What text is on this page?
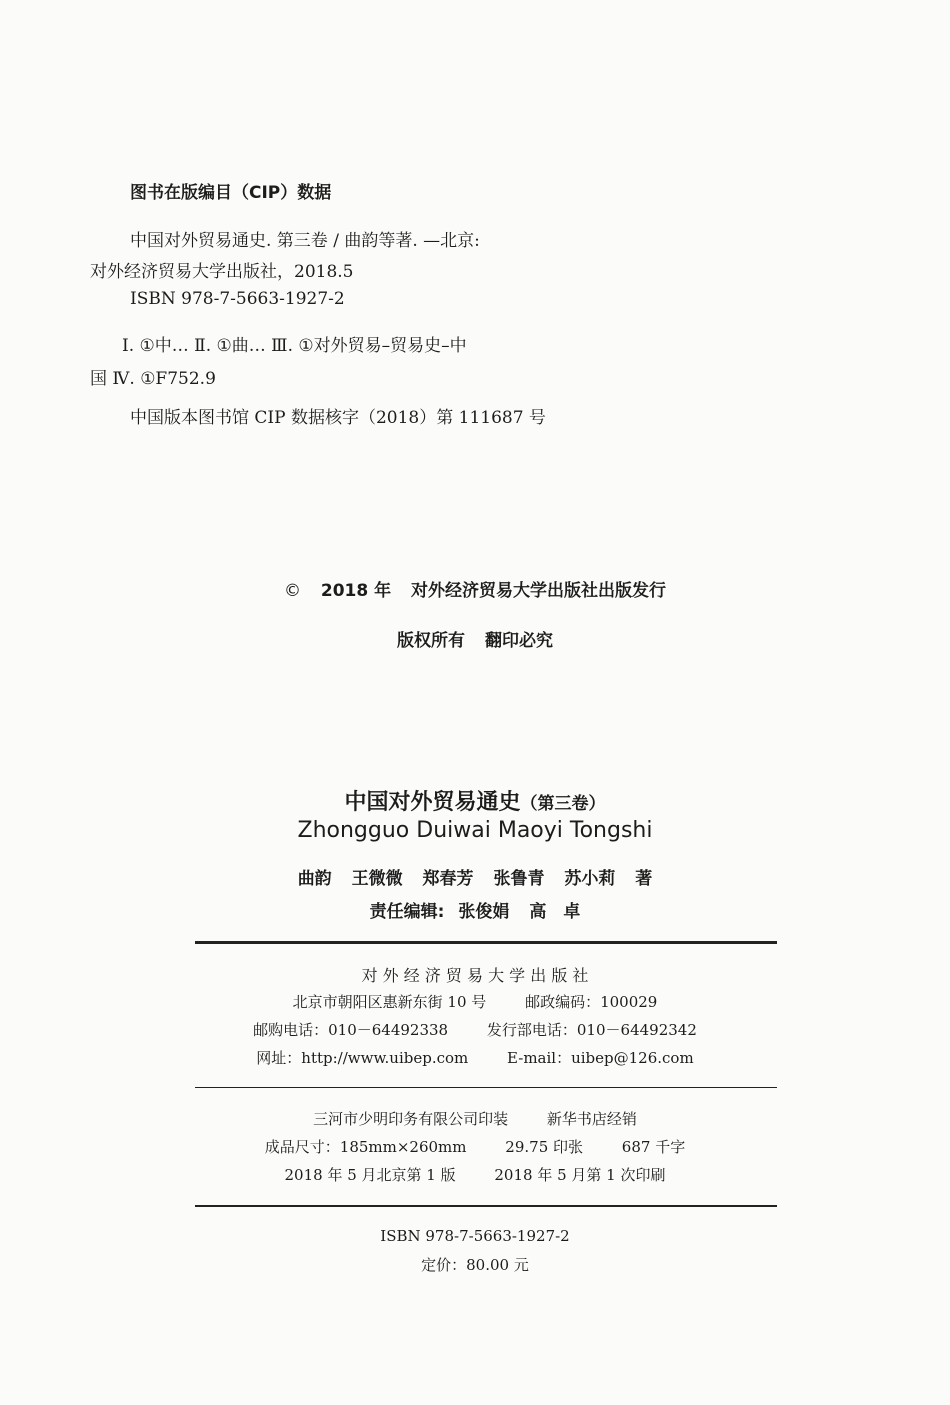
图书在版编目（CIP）数据
中国对外贸易通史. 第三卷 / 曲韵等著. —北京:
对外经济贸易大学出版社，2018.5
ISBN 978-7-5663-1927-2
Ⅰ. ①中… Ⅱ. ①曲… Ⅲ. ①对外贸易–贸易史–中
国 Ⅳ. ①F752.9
中国版本图书馆 CIP 数据核字（2018）第 111687 号
© 2018 年 对外经济贸易大学出版社出版发行
版权所有 翻印必究
中国对外贸易通史（第三卷）
Zhongguo Duiwai Maoyi Tongshi
曲韵 王微微 郑春芳 张鲁青 苏小莉 著
责任编辑: 张俊娟 高　卓
对 外 经 济 贸 易 大 学 出 版 社
北京市朝阳区惠新东街 10 号	邮政编码：100029
邮购电话：010－64492338	发行部电话：010－64492342
网址：http://www.uibep.com	E-mail：uibep@126.com
三河市少明印务有限公司印装	新华书店经销
成品尺寸：185mm×260mm	29.75 印张	687 千字
2018 年 5 月北京第 1 版	2018 年 5 月第 1 次印刷
ISBN 978-7-5663-1927-2
定价：80.00 元
